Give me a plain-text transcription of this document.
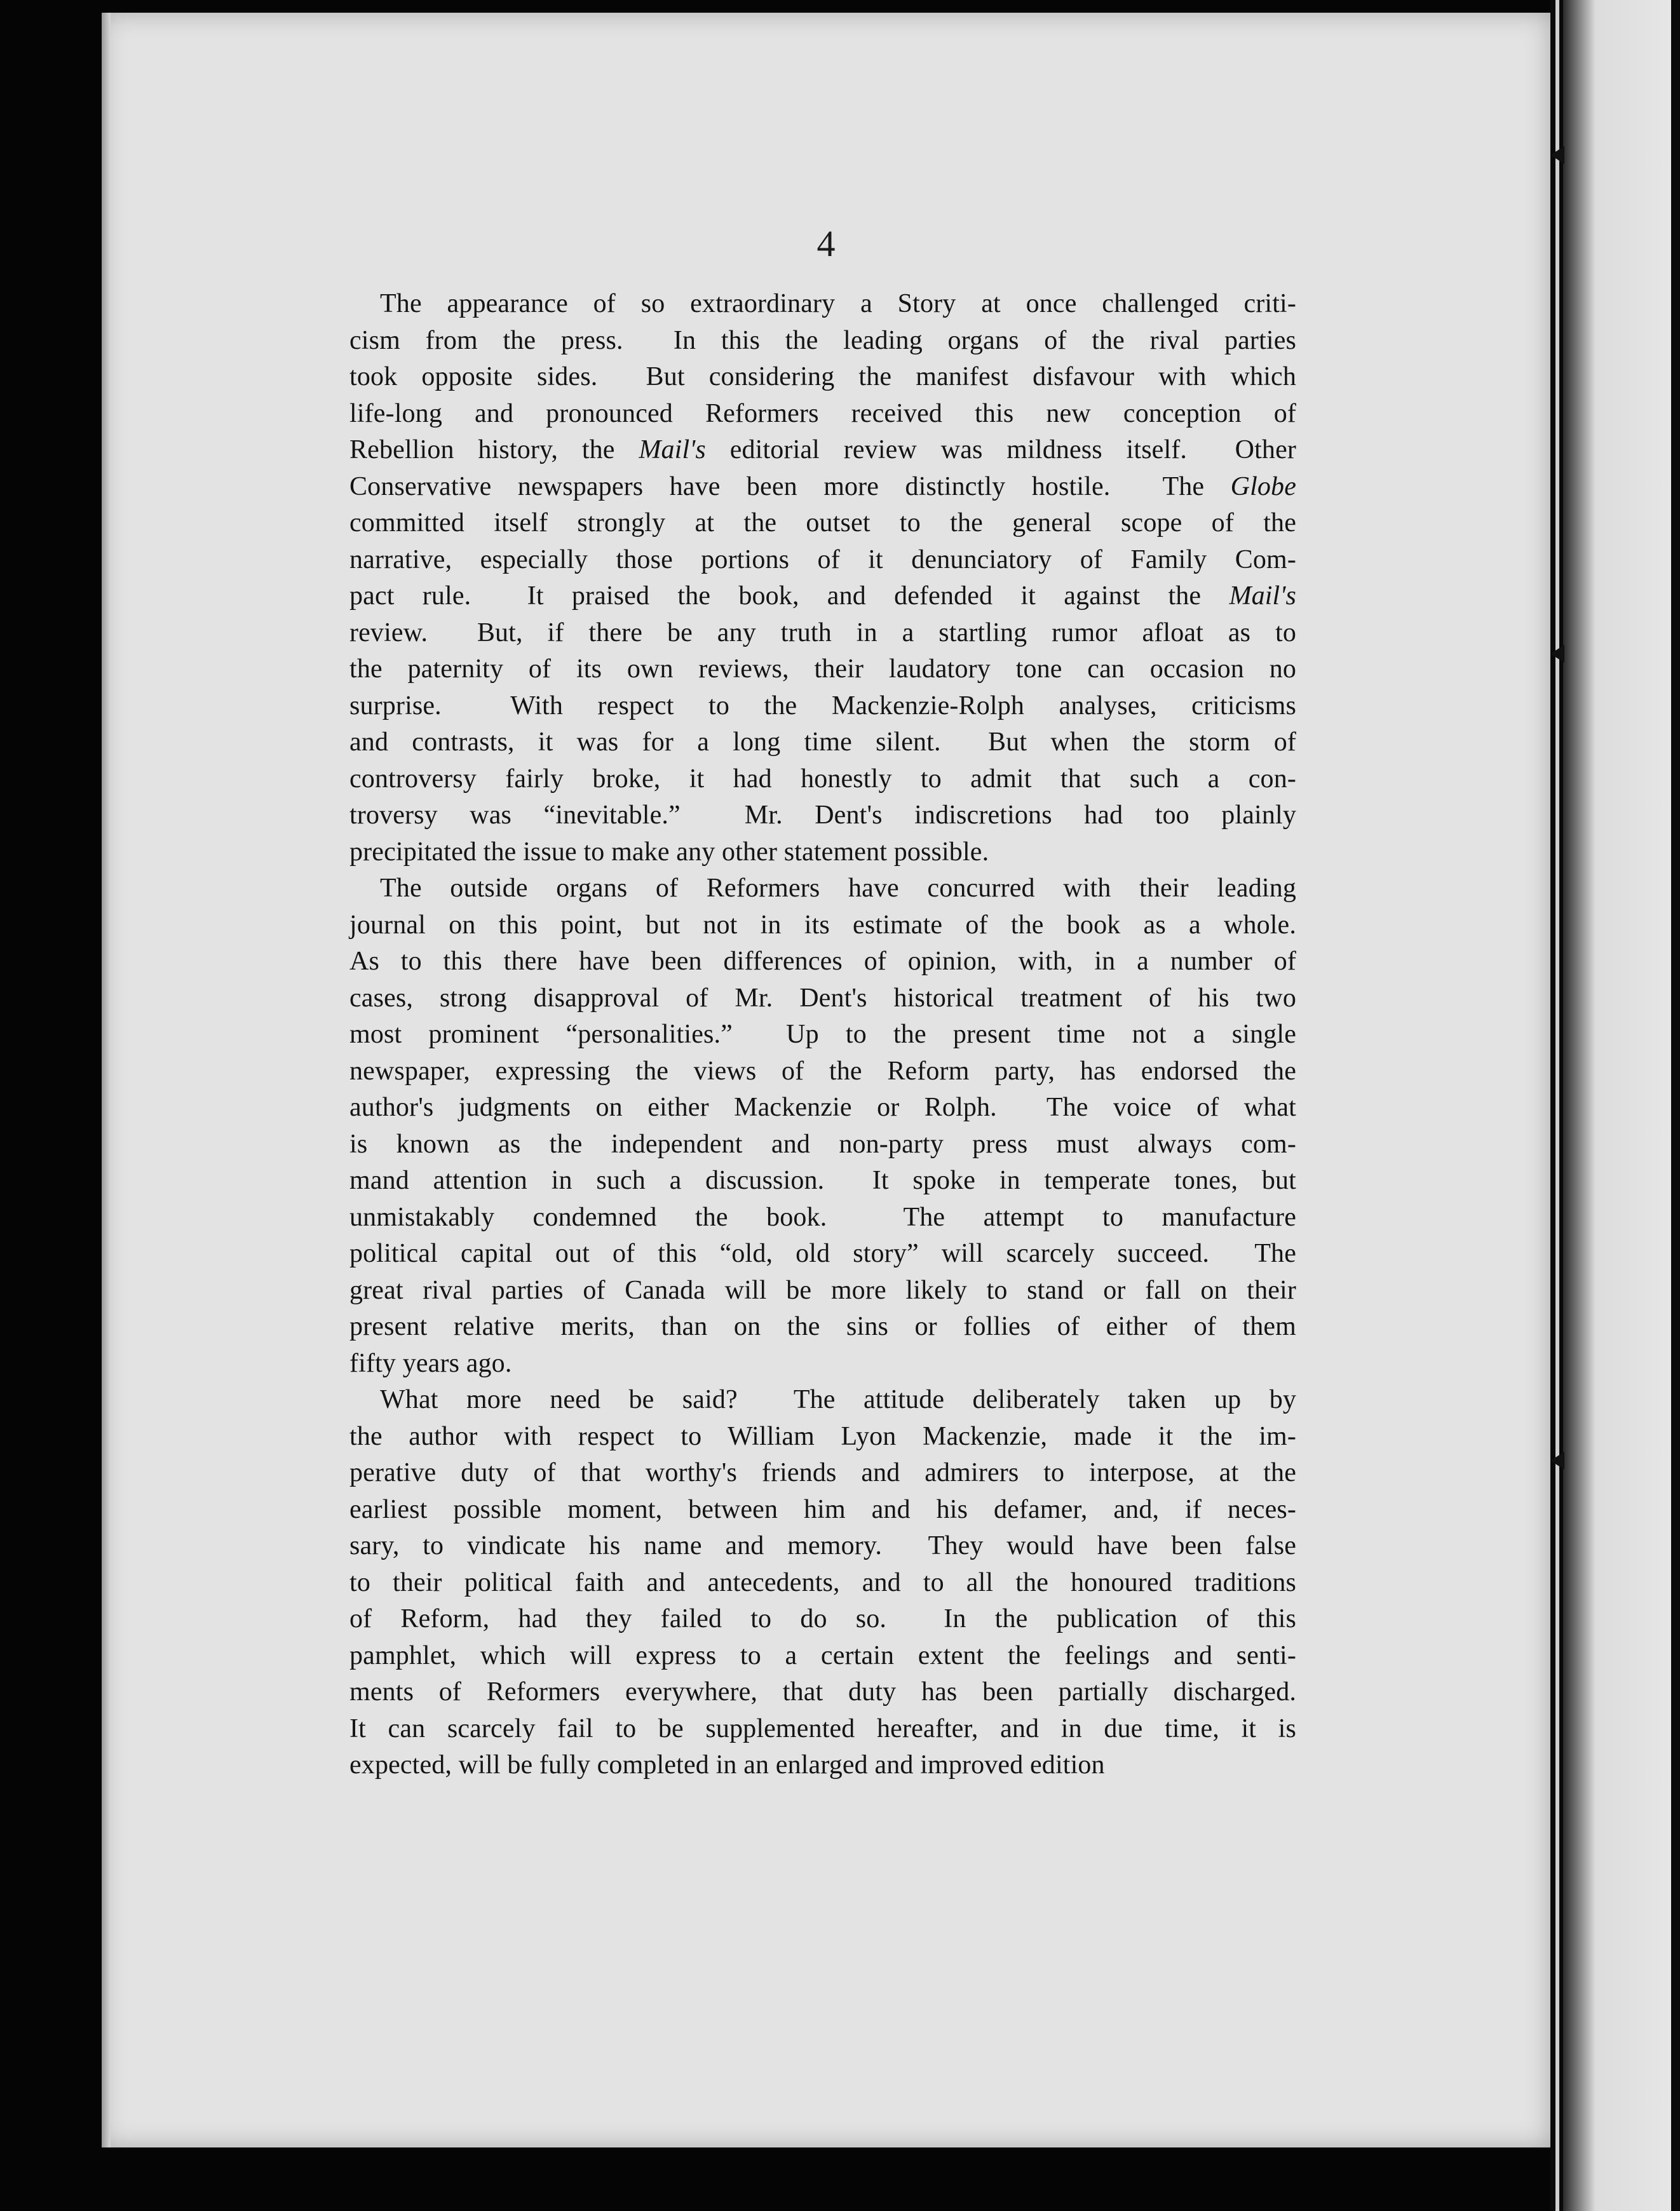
4
The appearance of so extraordinary a Story at once challenged criti-
cism from the press.  In this the leading organs of the rival parties
took opposite sides.  But considering the manifest disfavour with which
life-long and pronounced Reformers received this new conception of
Rebellion history, the Mail's editorial review was mildness itself.  Other
Conservative newspapers have been more distinctly hostile.  The Globe
committed itself strongly at the outset to the general scope of the
narrative, especially those portions of it denunciatory of Family Com-
pact rule.  It praised the book, and defended it against the Mail's
review.  But, if there be any truth in a startling rumor afloat as to
the paternity of its own reviews, their laudatory tone can occasion no
surprise.  With respect to the Mackenzie-Rolph analyses, criticisms
and contrasts, it was for a long time silent.  But when the storm of
controversy fairly broke, it had honestly to admit that such a con-
troversy was “inevitable.”  Mr. Dent's indiscretions had too plainly
precipitated the issue to make any other statement possible.
The outside organs of Reformers have concurred with their leading
journal on this point, but not in its estimate of the book as a whole.
As to this there have been differences of opinion, with, in a number of
cases, strong disapproval of Mr. Dent's historical treatment of his two
most prominent “personalities.”  Up to the present time not a single
newspaper, expressing the views of the Reform party, has endorsed the
author's judgments on either Mackenzie or Rolph.  The voice of what
is known as the independent and non-party press must always com-
mand attention in such a discussion.  It spoke in temperate tones, but
unmistakably condemned the book.  The attempt to manufacture
political capital out of this “old, old story” will scarcely succeed.  The
great rival parties of Canada will be more likely to stand or fall on their
present relative merits, than on the sins or follies of either of them
fifty years ago.
What more need be said?  The attitude deliberately taken up by
the author with respect to William Lyon Mackenzie, made it the im-
perative duty of that worthy's friends and admirers to interpose, at the
earliest possible moment, between him and his defamer, and, if neces-
sary, to vindicate his name and memory.  They would have been false
to their political faith and antecedents, and to all the honoured traditions
of Reform, had they failed to do so.  In the publication of this
pamphlet, which will express to a certain extent the feelings and senti-
ments of Reformers everywhere, that duty has been partially discharged.
It can scarcely fail to be supplemented hereafter, and in due time, it is
expected, will be fully completed in an enlarged and improved edition
